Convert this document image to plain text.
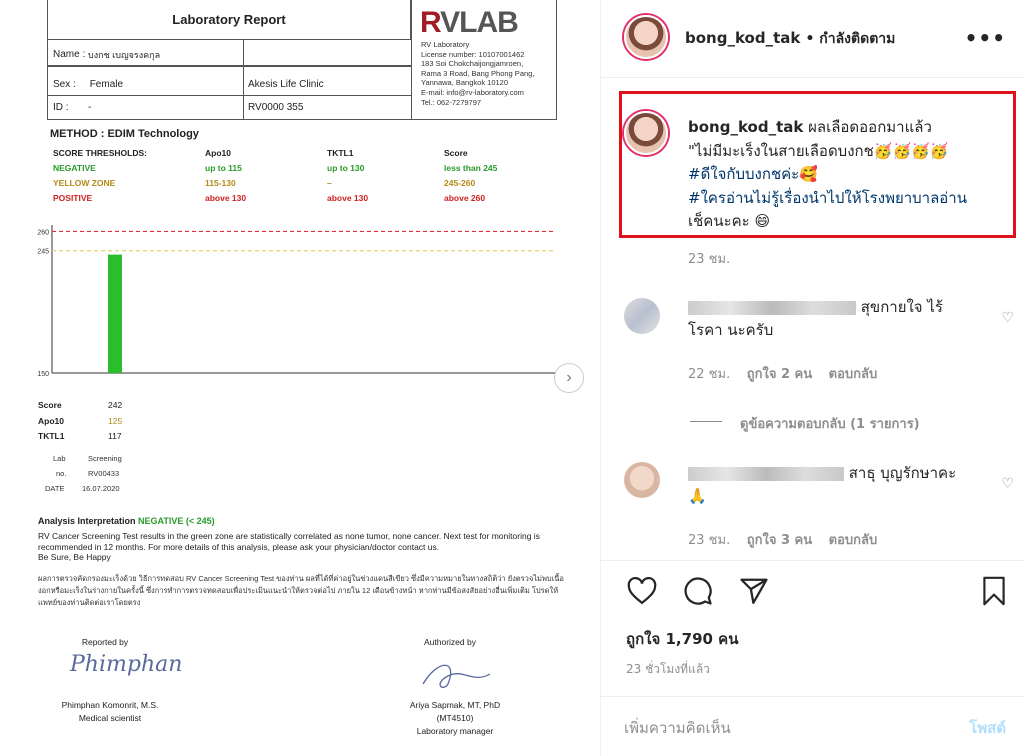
Laboratory Report
Name :
บงกช เบญจรงคกุล
Sex :
Female	Akesis Life Clinic
ID :
-	RV0000 355
RVLAB
RV Laboratory
License number: 10107001462
183 Soi Chokchaijongjamroen,
Rama 3 Road, Bang Phong Pang,
Yannawa, Bangkok 10120
E-mail: info@rv-laboratory.com
Tel.: 062-7279797
METHOD : EDIM Technology
SCORE THRESHOLDS:	Apo10	TKTL1	Score
NEGATIVE	up to 115	up to 130	less than 245
YELLOW ZONE	115-130	–	245-260
POSITIVE	above 130	above 130	above 260
260
245
150	›
Score	242
Apo10	125
TKTL1	117
Lab	Screening
no.	RV00433
DATE 16.07.2020
Analysis Interpretation NEGATIVE (< 245)
RV Cancer Screening Test results in the green zone are statistically correlated as none tumor, none cancer. Next test for monitoring is recommended in 12 months. For more details of this analysis, please ask your physician/doctor contact us.
Be Sure, Be Happy
ผลการตรวจคัดกรองมะเร็งด้วย วิธีการทดสอบ RV Cancer Screening Test ของท่าน ผลที่ได้ที่ค่าอยู่ในช่วงแดนสีเขียว ซึ่งมีความหมายในทางสถิติว่า ยังตรวจไม่พบเนื้องอกหรือมะเร็งในร่างกายในครั้งนี้ ซึ่งการทำการตรวจทดสอบเพื่อประเมินแนะนำให้ตรวจต่อไป ภายใน 12 เดือนข้างหน้า หากท่านมีข้อสงสัยอย่างอื่นเพิ่มเติม โปรดให้แพทย์ของท่านติดต่อเราโดยตรง
Reported by
Phimphan
Phimphan Komonrit, M.S.
Medical scientist
Authorized by
Ariya Sapmak, MT, PhD
(MT4510)
Laboratory manager
bong_kod_tak • กำลังติดตาม	•••
bong_kod_tak ผลเลือดออกมาแล้ว
"ไม่มีมะเร็งในสายเลือดบงกช🥳🥳🥳🥳
#ดีใจกับบงกชค่ะ🥰
#ใครอ่านไม่รู้เรื่องนำไปให้โรงพยาบาลอ่าน
เช็คนะคะ 😄
23 ชม.
สุขกายใจ ไร้
โรคา นะครับ
♡
22 ชม. ถูกใจ 2 คน ตอบกลับ
ดูข้อความตอบกลับ (1 รายการ)
สาธุ บุญรักษาคะ
🙏
♡
23 ชม. ถูกใจ 3 คน ตอบกลับ
ถูกใจ 1,790 คน
23 ชั่วโมงที่แล้ว
เพิ่มความคิดเห็น	โพสต์
